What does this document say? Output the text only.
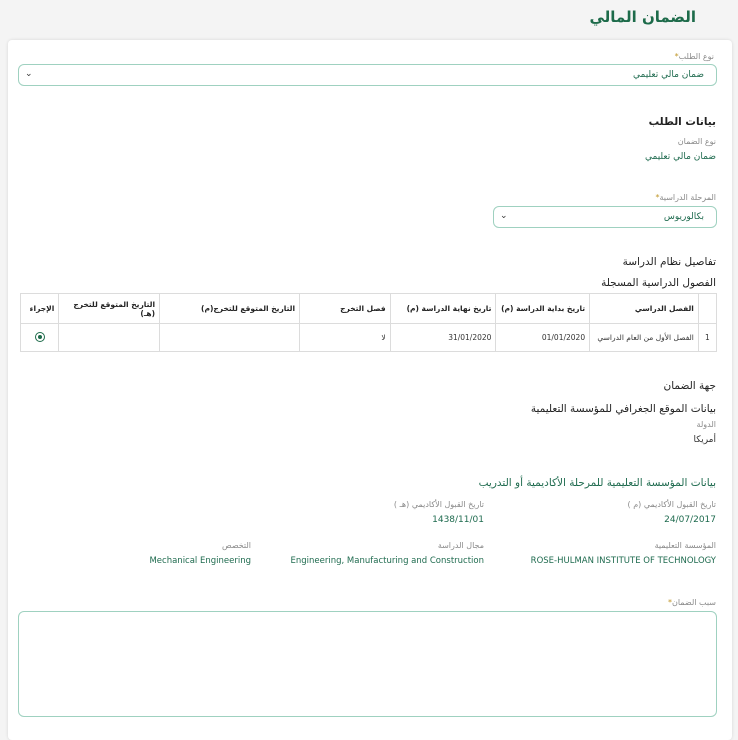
الضمان المالي
نوع الطلب*
ضمان مالي تعليمي
⌄
بيانات الطلب
نوع الضمان
ضمان مالي تعليمي
المرحلة الدراسية*
بكالوريوس
⌄
تفاصيل نظام الدراسة
الفصول الدراسية المسجلة
	الفصل الدراسي	تاريخ بداية الدراسة (م)	تاريخ نهاية الدراسة (م)	فصل التخرج	التاريخ المتوقع للتخرج(م)	التاريخ المتوقع للتخرج (هـ)	الإجراء
1	الفصل الأول من العام الدراسي	01/01/2020	31/01/2020	لا			
جهة الضمان
بيانات الموقع الجغرافي للمؤسسة التعليمية
الدولة
أمريكا
بيانات المؤسسة التعليمية للمرحلة الأكاديمية أو التدريب
تاريخ القبول الأكاديمي (م )
24/07/2017
تاريخ القبول الأكاديمي (هـ )
1438/11/01
المؤسسة التعليمية
ROSE-HULMAN INSTITUTE OF TECHNOLOGY
مجال الدراسة
Engineering, Manufacturing and Construction
التخصص
Mechanical Engineering
سبب الضمان*
